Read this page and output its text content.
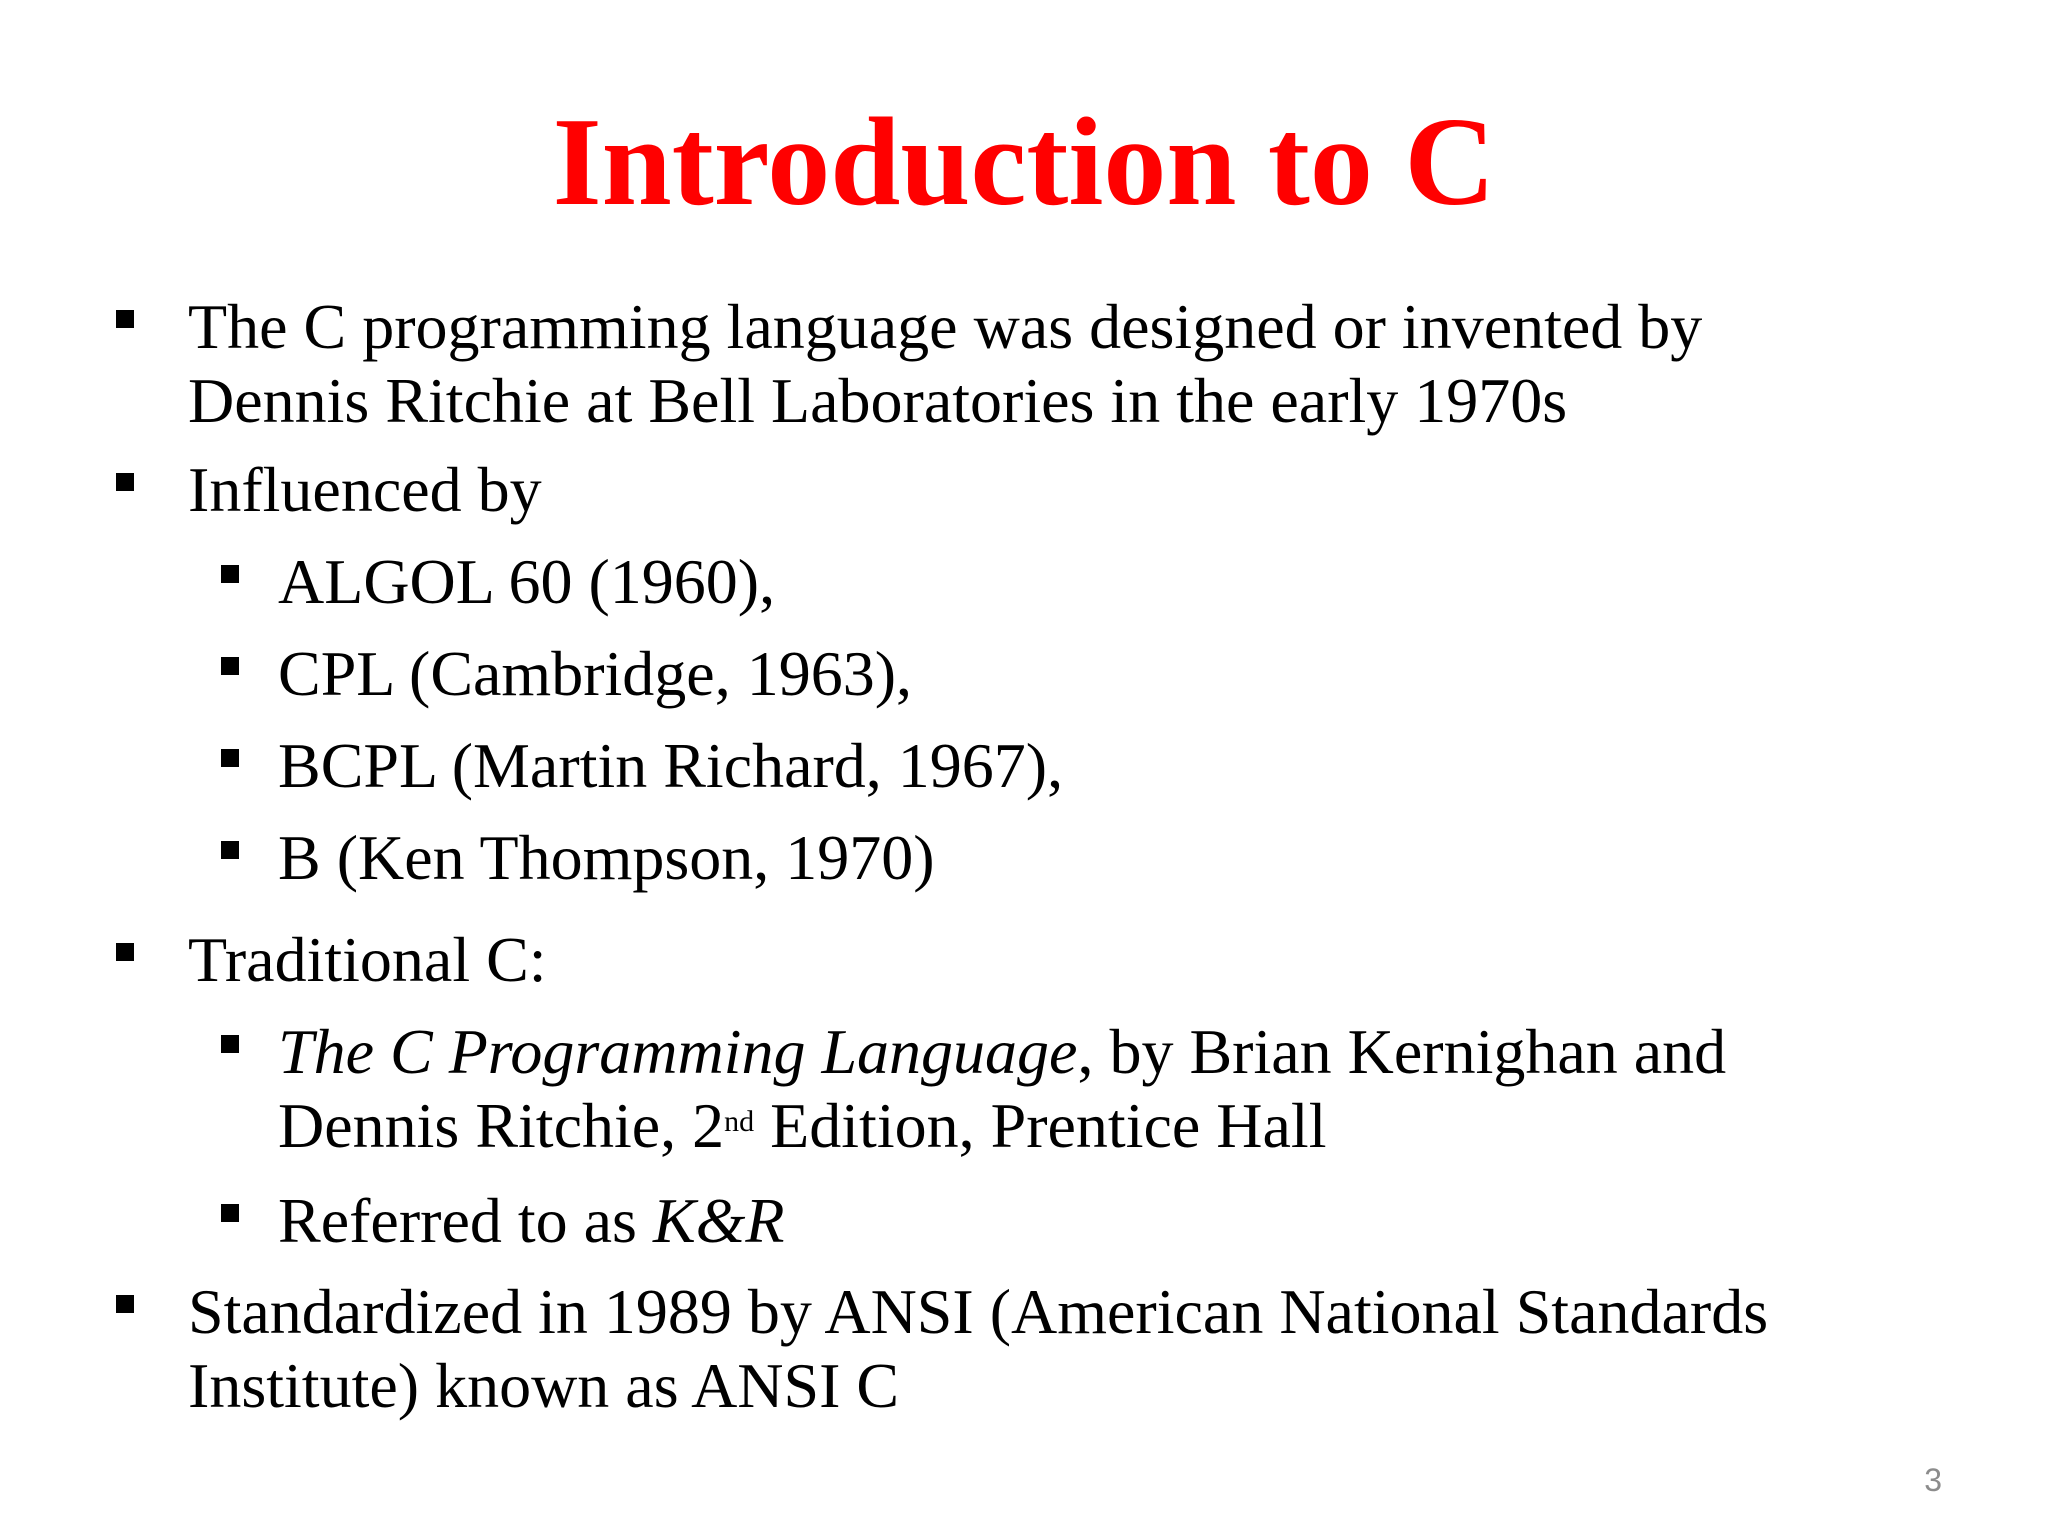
Introduction to C
The C programming language was designed or invented by
Dennis Ritchie at Bell Laboratories in the early 1970s
Influenced by
ALGOL 60 (1960),
CPL (Cambridge, 1963),
BCPL (Martin Richard, 1967),
B (Ken Thompson, 1970)
Traditional C:
The C Programming Language, by Brian Kernighan and
Dennis Ritchie, 2nd Edition, Prentice Hall
Referred to as K&R
Standardized in 1989 by ANSI (American National Standards
Institute) known as ANSI C
3
